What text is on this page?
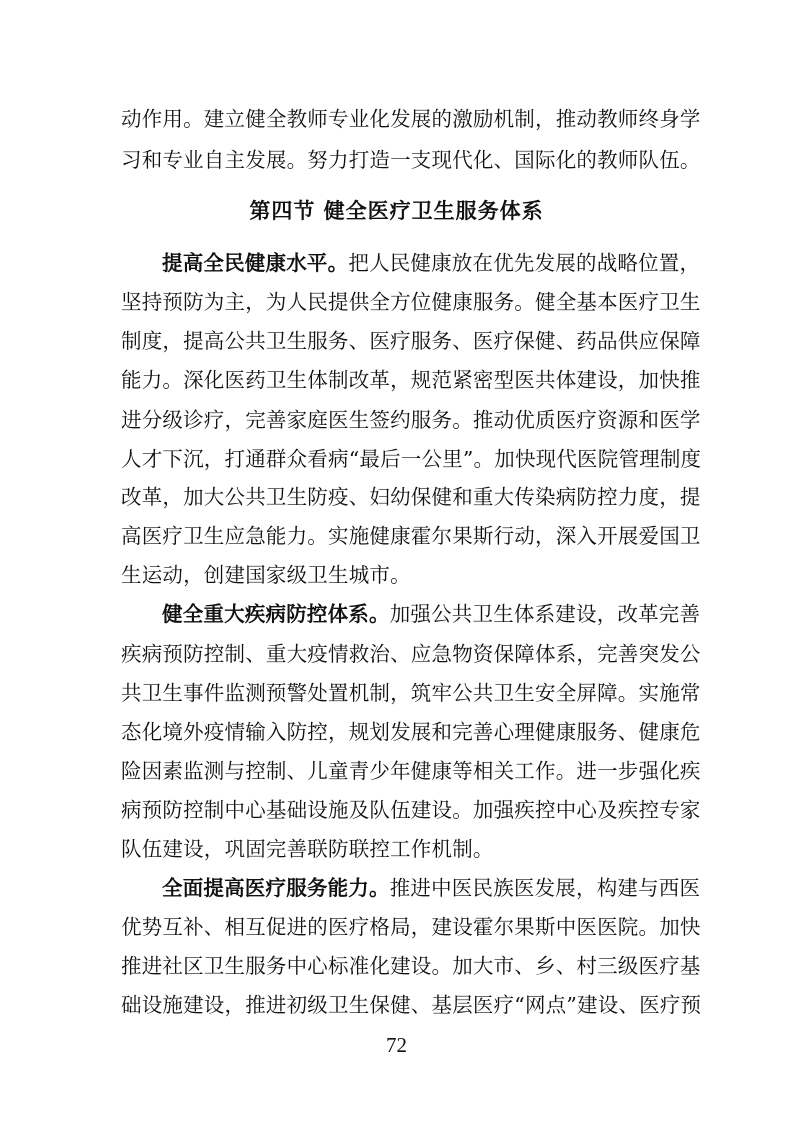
动作用。建立健全教师专业化发展的激励机制，推动教师终身学
习和专业自主发展。努力打造一支现代化、国际化的教师队伍。
第四节 健全医疗卫生服务体系
提高全民健康水平。把人民健康放在优先发展的战略位置，
坚持预防为主，为人民提供全方位健康服务。健全基本医疗卫生
制度，提高公共卫生服务、医疗服务、医疗保健、药品供应保障
能力。深化医药卫生体制改革，规范紧密型医共体建设，加快推
进分级诊疗，完善家庭医生签约服务。推动优质医疗资源和医学
人才下沉，打通群众看病“最后一公里”。加快现代医院管理制度
改革，加大公共卫生防疫、妇幼保健和重大传染病防控力度，提
高医疗卫生应急能力。实施健康霍尔果斯行动，深入开展爱国卫
生运动，创建国家级卫生城市。
健全重大疾病防控体系。加强公共卫生体系建设，改革完善
疾病预防控制、重大疫情救治、应急物资保障体系，完善突发公
共卫生事件监测预警处置机制，筑牢公共卫生安全屏障。实施常
态化境外疫情输入防控，规划发展和完善心理健康服务、健康危
险因素监测与控制、儿童青少年健康等相关工作。进一步强化疾
病预防控制中心基础设施及队伍建设。加强疾控中心及疾控专家
队伍建设，巩固完善联防联控工作机制。
全面提高医疗服务能力。推进中医民族医发展，构建与西医
优势互补、相互促进的医疗格局，建设霍尔果斯中医医院。加快
推进社区卫生服务中心标准化建设。加大市、乡、村三级医疗基
础设施建设，推进初级卫生保健、基层医疗“网点”建设、医疗预
72
